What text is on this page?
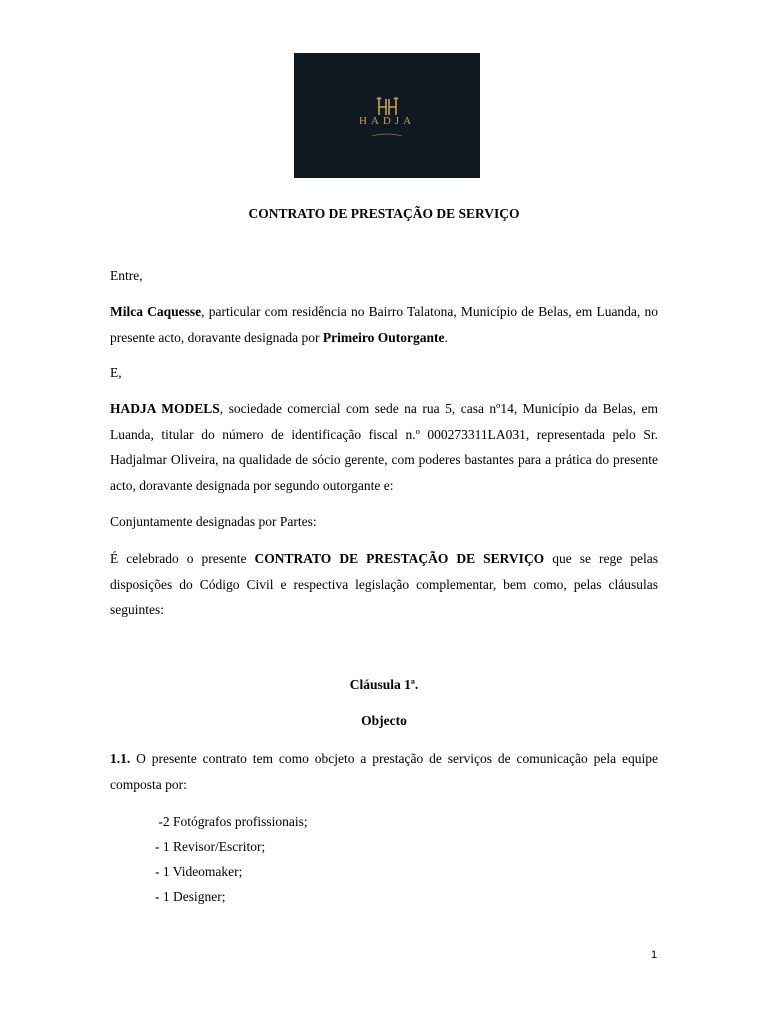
HADJA
CONTRATO DE PRESTAÇÃO DE SERVIÇO

Entre,

Milca Caquesse, particular com residência no Bairro Talatona, Município de Belas, em Luanda, no presente acto, doravante designada por Primeiro Outorgante.

E,

HADJA MODELS, sociedade comercial com sede na rua 5, casa nº14, Município da Belas, em Luanda, titular do número de identificação fiscal n.º 000273311LA031, representada pelo Sr. Hadjalmar Oliveira, na qualidade de sócio gerente, com poderes bastantes para a prática do presente acto, doravante designada por segundo outorgante e:

Conjuntamente designadas por Partes:

É celebrado o presente CONTRATO DE PRESTAÇÃO DE SERVIÇO que se rege pelas disposições do Código Civil e respectiva legislação complementar, bem como, pelas cláusulas seguintes:

Cláusula 1ª.
Objecto

1.1. O presente contrato tem como obcjeto a prestação de serviços de comunicação pela equipe composta por:

-2 Fotógrafos profissionais;
- 1 Revisor/Escritor;
- 1 Videomaker;
- 1 Designer;
1
